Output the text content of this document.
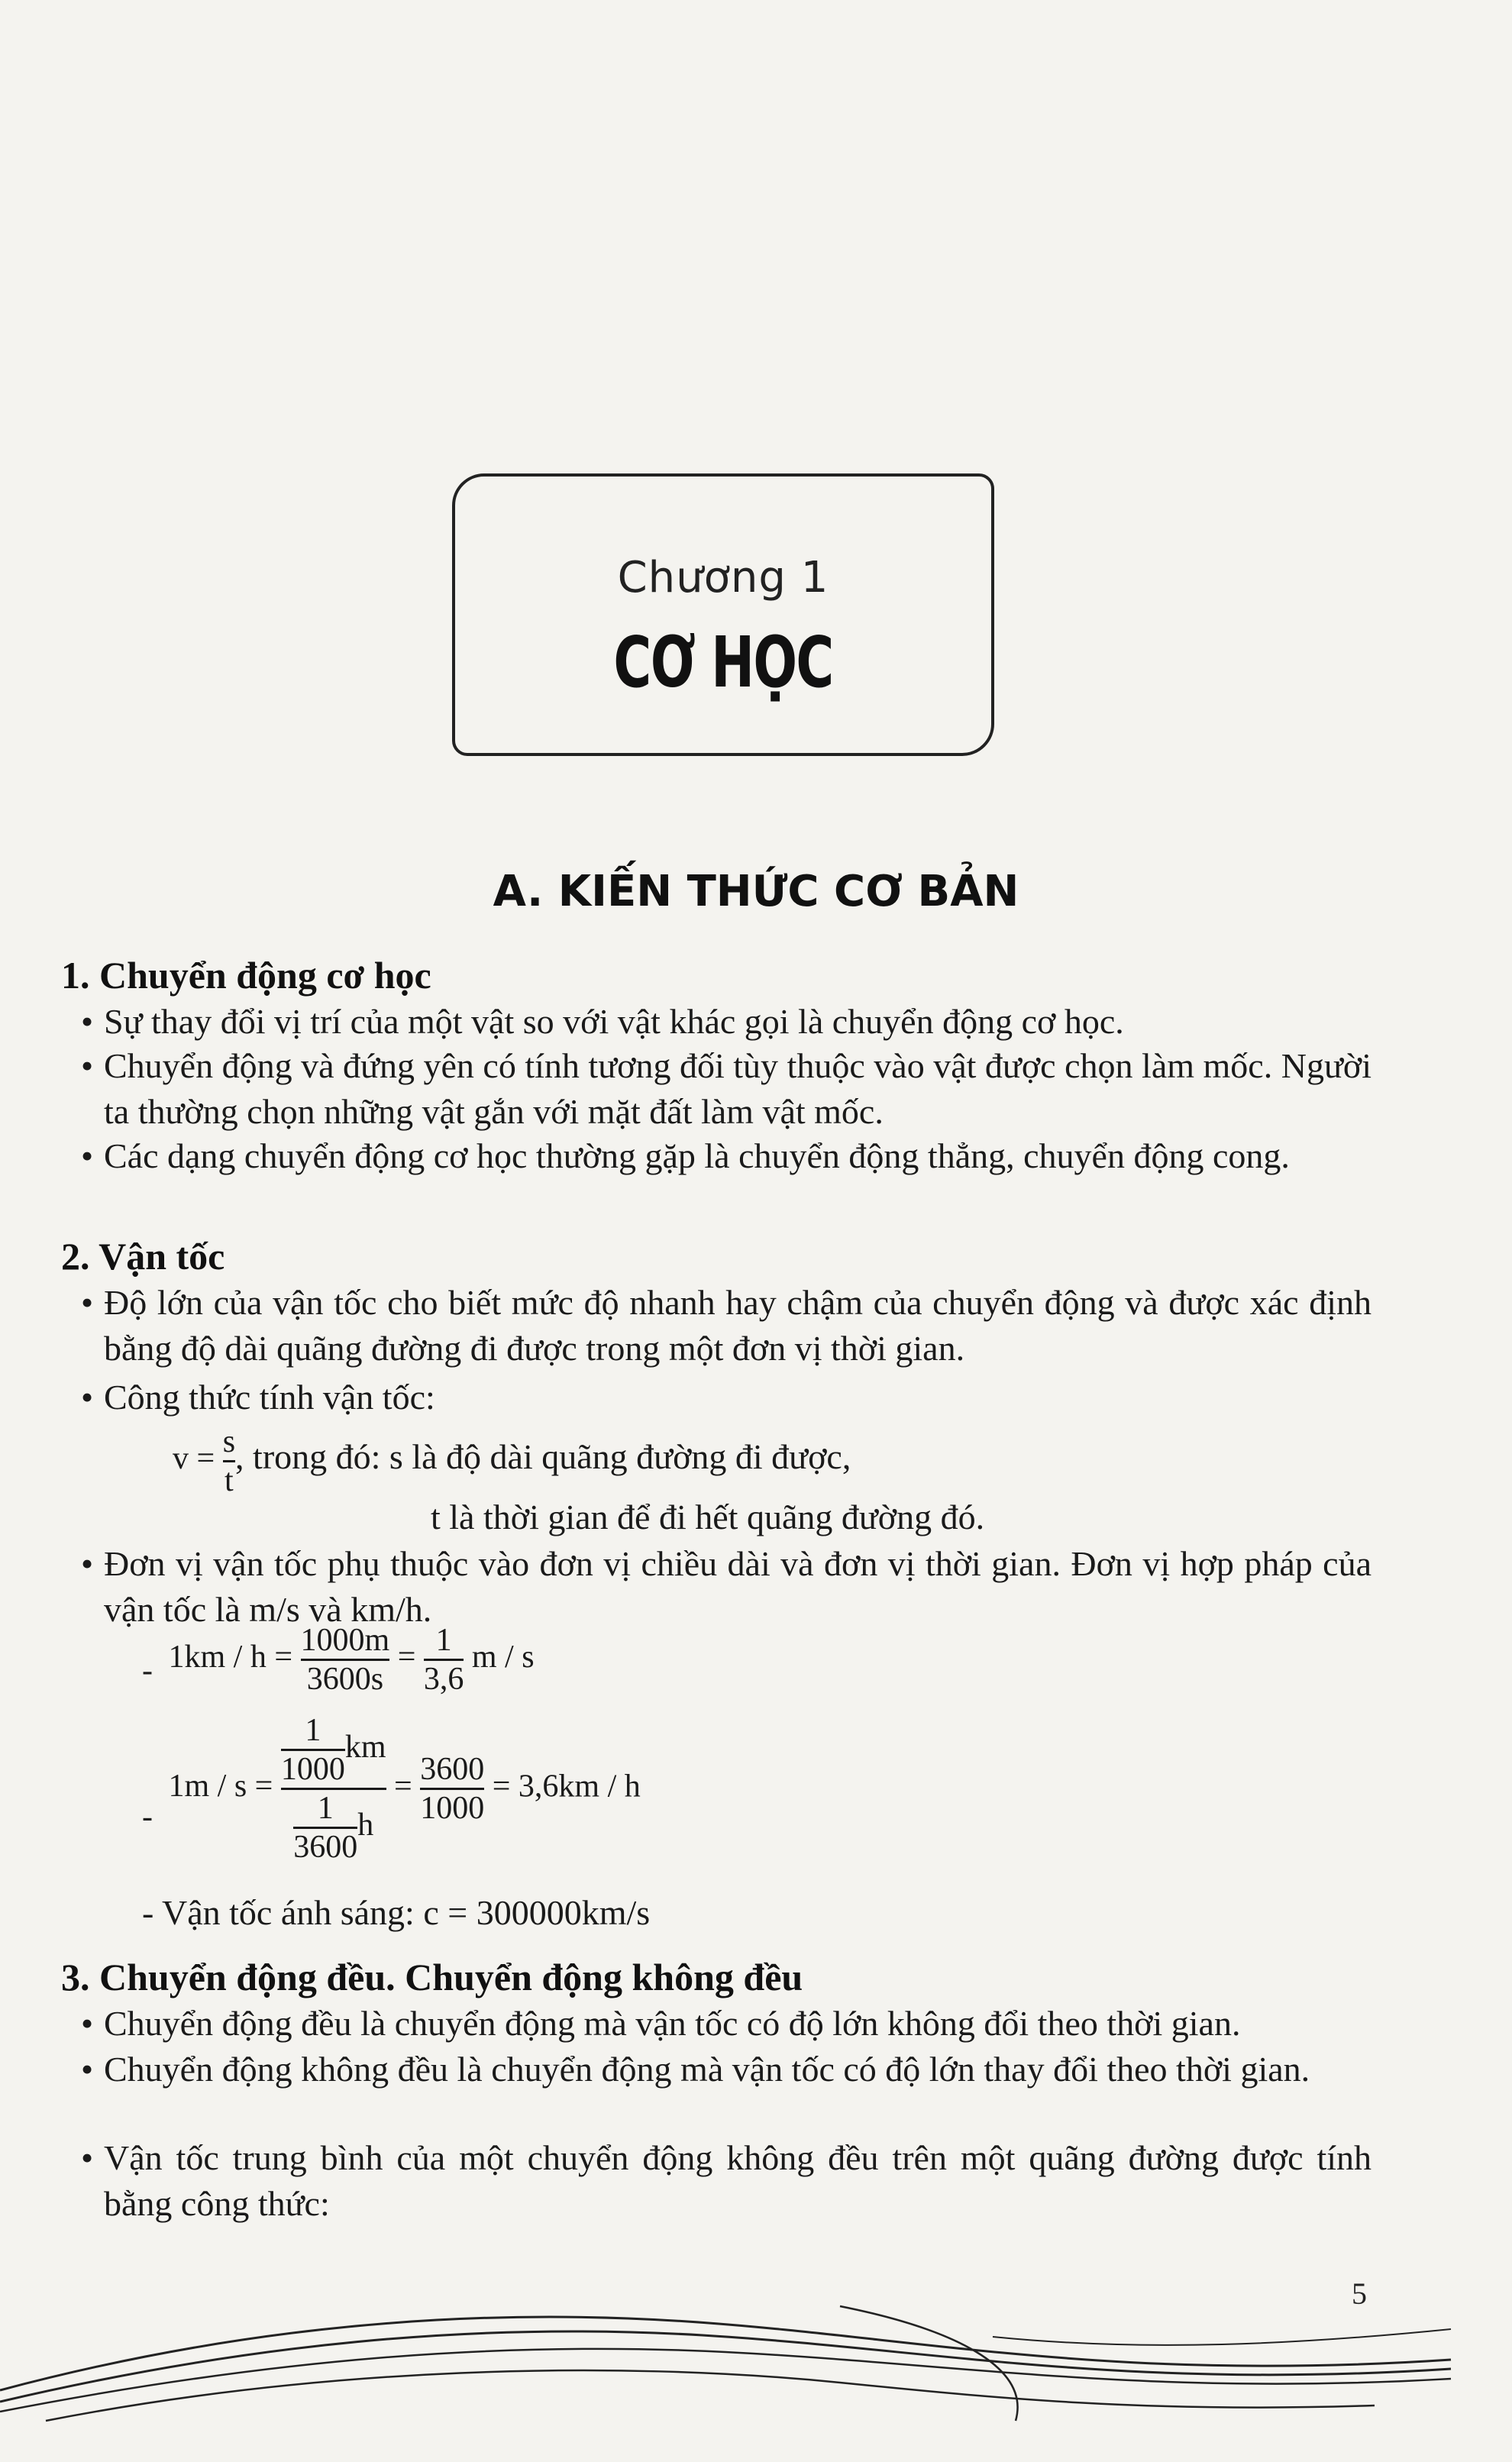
Chương 1
CƠ HỌC
A. KIẾN THỨC CƠ BẢN
1. Chuyển động cơ học
• Sự thay đổi vị trí của một vật so với vật khác gọi là chuyển động cơ học.
• Chuyển động và đứng yên có tính tương đối tùy thuộc vào vật được chọn làm mốc. Người ta thường chọn những vật gắn với mặt đất làm vật mốc.
• Các dạng chuyển động cơ học thường gặp là chuyển động thẳng, chuyển động cong.
2. Vận tốc
• Độ lớn của vận tốc cho biết mức độ nhanh hay chậm của chuyển động và được xác định bằng độ dài quãng đường đi được trong một đơn vị thời gian.
• Công thức tính vận tốc:
$v = \frac{s}{t}$ , trong đó: s là độ dài quãng đường đi được,
t là thời gian để đi hết quãng đường đó.
• Đơn vị vận tốc phụ thuộc vào đơn vị chiều dài và đơn vị thời gian. Đơn vị hợp pháp của vận tốc là m/s và km/h.
- $1km / h = \frac{1000m}{3600s} = \frac{1}{3,6}$ m / s
- $1m / s = \frac{\frac{1}{1000} km}{\frac{1}{3600} h} = \frac{3600}{1000} = 3,6km / h$
- Vận tốc ánh sáng: c = 300000km/s
3. Chuyển động đều. Chuyển động không đều
• Chuyển động đều là chuyển động mà vận tốc có độ lớn không đổi theo thời gian.
• Chuyển động không đều là chuyển động mà vận tốc có độ lớn thay đổi theo thời gian.
• Vận tốc trung bình của một chuyển động không đều trên một quãng đường được tính bằng công thức:
5
